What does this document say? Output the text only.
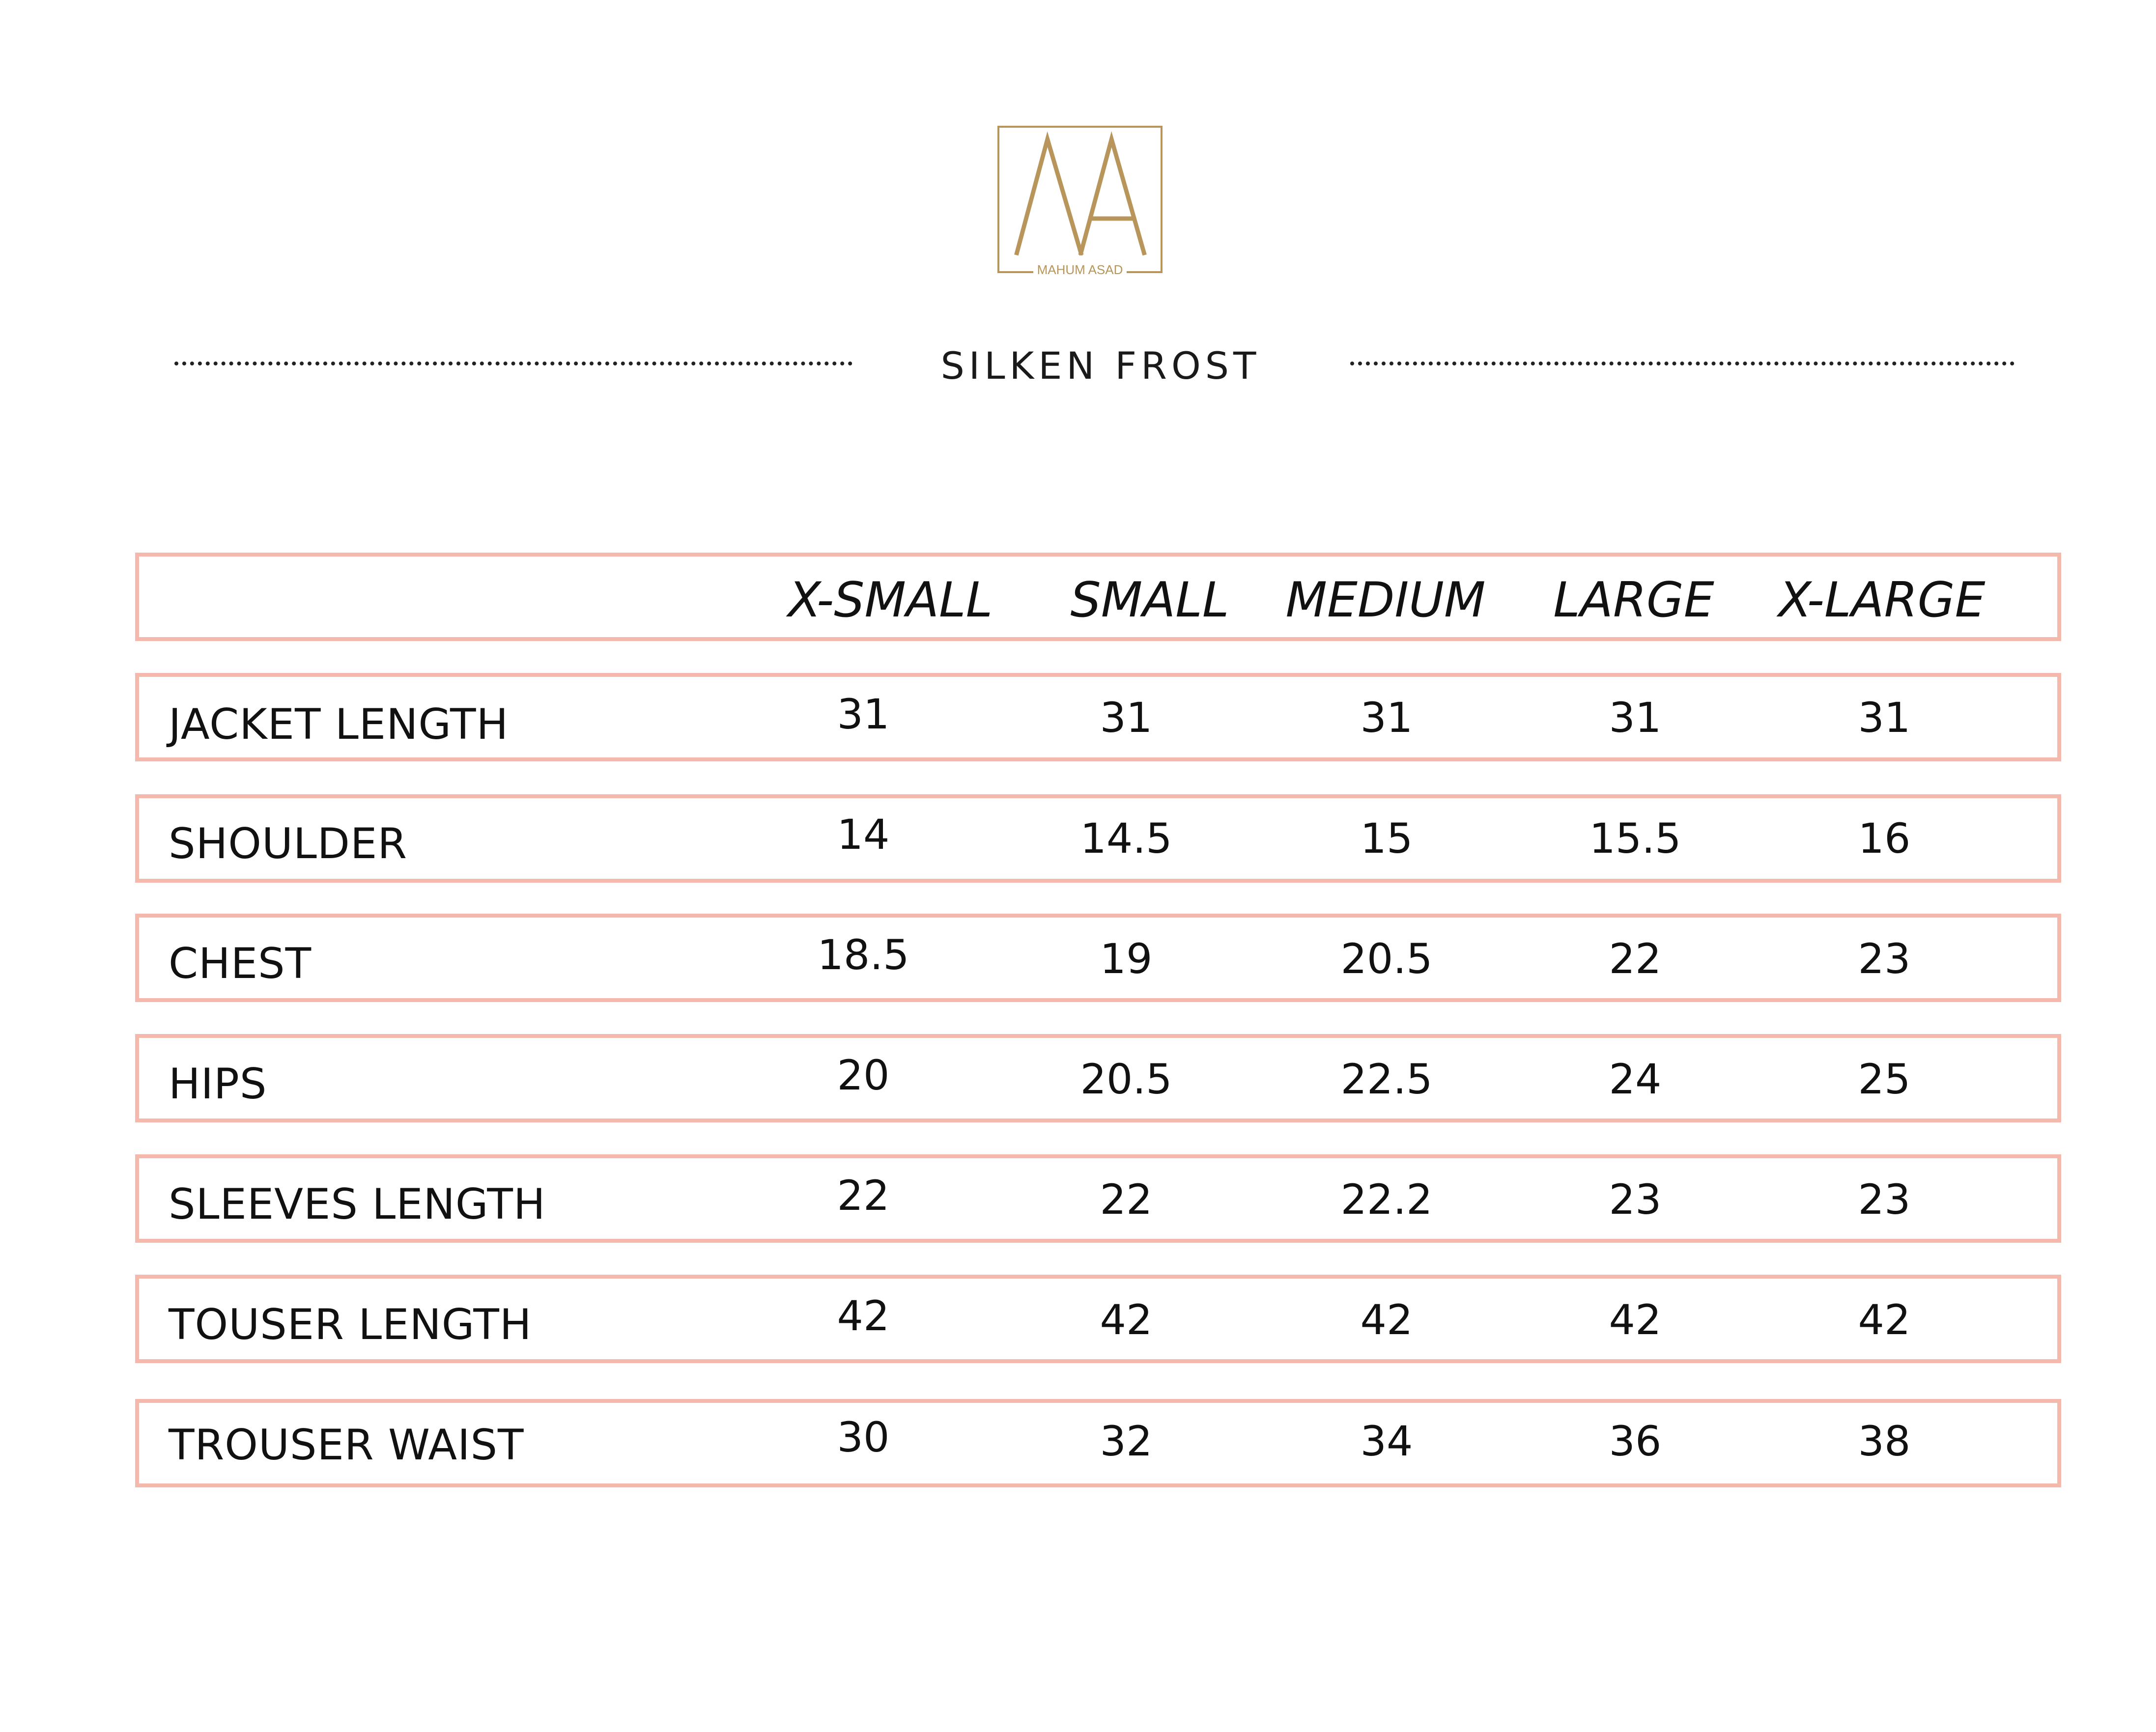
MAHUM ASAD
SILKEN FROST
X-SMALL SMALL MEDIUM LARGE X-LARGE
JACKET LENGTH	31	31	31	31	31
SHOULDER	14	14.5	15	15.5	16
CHEST	18.5	19	20.5	22	23
HIPS	20	20.5	22.5	24	25
SLEEVES LENGTH	22	22	22.2	23	23
TOUSER LENGTH	42	42	42	42	42
TROUSER WAIST	30	32	34	36	38
